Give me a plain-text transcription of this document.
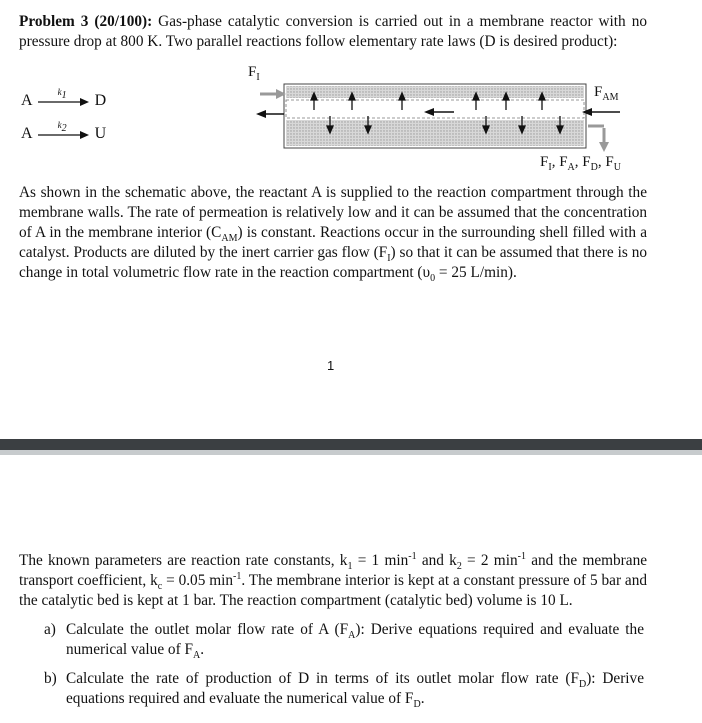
Problem 3 (20/100): Gas-phase catalytic conversion is carried out in a membrane reactor with no pressure drop at 800 K. Two parallel reactions follow elementary rate laws (D is desired product):

A	$k_1$ D
A	$k_2$ U
$F_I$
$F_{AM}$
$F_I$, $F_A$, $F_D$, $F_U$

As shown in the schematic above, the reactant A is supplied to the reaction compartment through the membrane walls. The rate of permeation is relatively low and it can be assumed that the concentration of A in the membrane interior $(C_{AM})$ is constant. Reactions occur in the surrounding shell filled with a catalyst. Products are diluted by the inert carrier gas flow $(F_I)$ so that it can be assumed that there is no change in total volumetric flow rate in the reaction compartment ($\upsilon_0 = 25$ L/min).

1

The known parameters are reaction rate constants, $k_1 = 1$ $\min^{-1}$ and $k_2 = 2$ $\min^{-1}$ and the membrane transport coefficient, $k_c = 0.05$ $\min^{-1}$. The membrane interior is kept at a constant pressure of 5 bar and the catalytic bed is kept at 1 bar. The reaction compartment (catalytic bed) volume is 10 L.

a) Calculate the outlet molar flow rate of A $(F_A)$: Derive equations required and evaluate the numerical value of $F_A$.
b) Calculate the rate of production of D in terms of its outlet molar flow rate $(F_D)$: Derive equations required and evaluate the numerical value of $F_D$.
